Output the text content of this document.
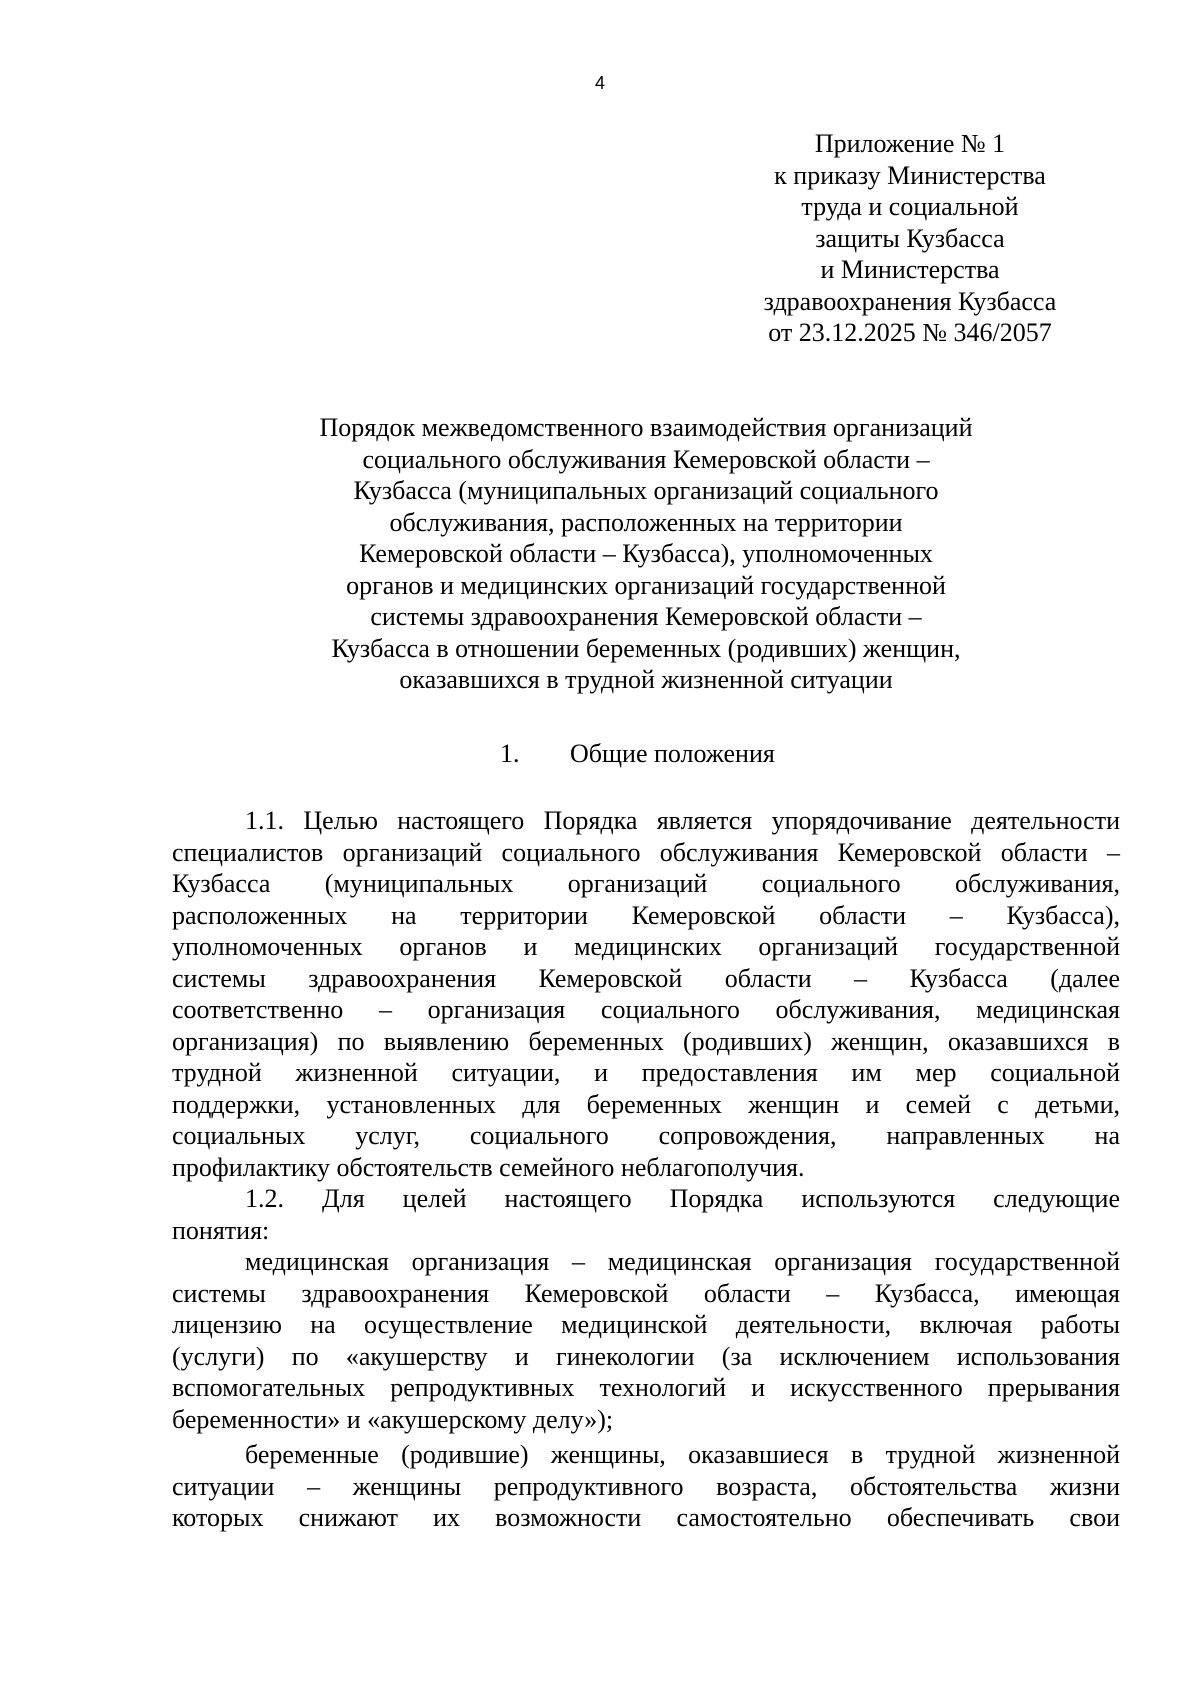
4
Приложение № 1
к приказу Министерства
труда и социальной
защиты Кузбасса
и Министерства
здравоохранения Кузбасса
от 23.12.2025 № 346/2057
Порядок межведомственного взаимодействия организаций
социального обслуживания Кемеровской области –
Кузбасса (муниципальных организаций социального
обслуживания, расположенных на территории
Кемеровской области – Кузбасса), уполномоченных
органов и медицинских организаций государственной
системы здравоохранения Кемеровской области –
Кузбасса в отношении беременных (родивших) женщин,
оказавшихся в трудной жизненной ситуации
1. Общие положения
1.1. Целью настоящего Порядка является упорядочивание деятельности
специалистов организаций социального обслуживания Кемеровской области –
Кузбасса (муниципальных организаций социального обслуживания,
расположенных на территории Кемеровской области – Кузбасса),
уполномоченных органов и медицинских организаций государственной
системы здравоохранения Кемеровской области – Кузбасса (далее
соответственно – организация социального обслуживания, медицинская
организация) по выявлению беременных (родивших) женщин, оказавшихся в
трудной жизненной ситуации, и предоставления им мер социальной
поддержки, установленных для беременных женщин и семей с детьми,
социальных услуг, социального сопровождения, направленных на
профилактику обстоятельств семейного неблагополучия.
1.2. Для целей настоящего Порядка используются следующие
понятия:
медицинская организация – медицинская организация государственной
системы здравоохранения Кемеровской области – Кузбасса, имеющая
лицензию на осуществление медицинской деятельности, включая работы
(услуги) по «акушерству и гинекологии (за исключением использования
вспомогательных репродуктивных технологий и искусственного прерывания
беременности» и «акушерскому делу»);
беременные (родившие) женщины, оказавшиеся в трудной жизненной
ситуации – женщины репродуктивного возраста, обстоятельства жизни
которых снижают их возможности самостоятельно обеспечивать свои
